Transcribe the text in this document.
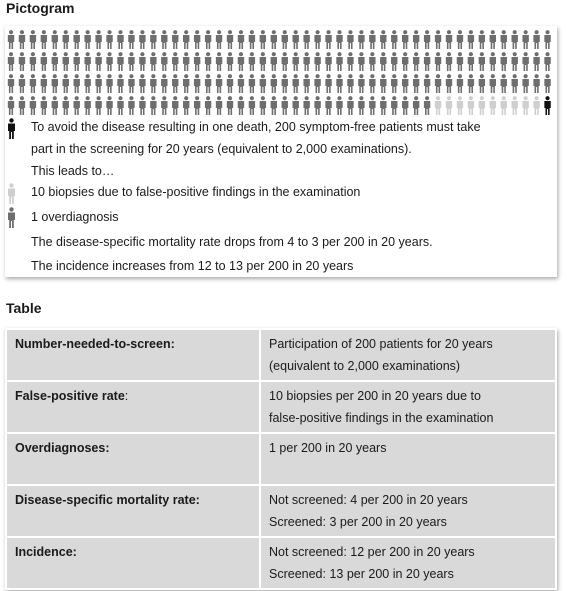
Pictogram
To avoid the disease resulting in one death, 200 symptom-free patients must take
part in the screening for 20 years (equivalent to 2,000 examinations).
This leads to…
10 biopsies due to false-positive findings in the examination
1 overdiagnosis
The disease-specific mortality rate drops from 4 to 3 per 200 in 20 years.
The incidence increases from 12 to 13 per 200 in 20 years
Table
Number-needed-to-screen:	Participation of 200 patients for 20 years
(equivalent to 2,000 examinations)

False-positive rate:	10 biopsies per 200 in 20 years due to
false-positive findings in the examination

Overdiagnoses:	1 per 200 in 20 years

Disease-specific mortality rate:	Not screened: 4 per 200 in 20 years
Screened: 3 per 200 in 20 years

Incidence:	Not screened: 12 per 200 in 20 years
Screened: 13 per 200 in 20 years
